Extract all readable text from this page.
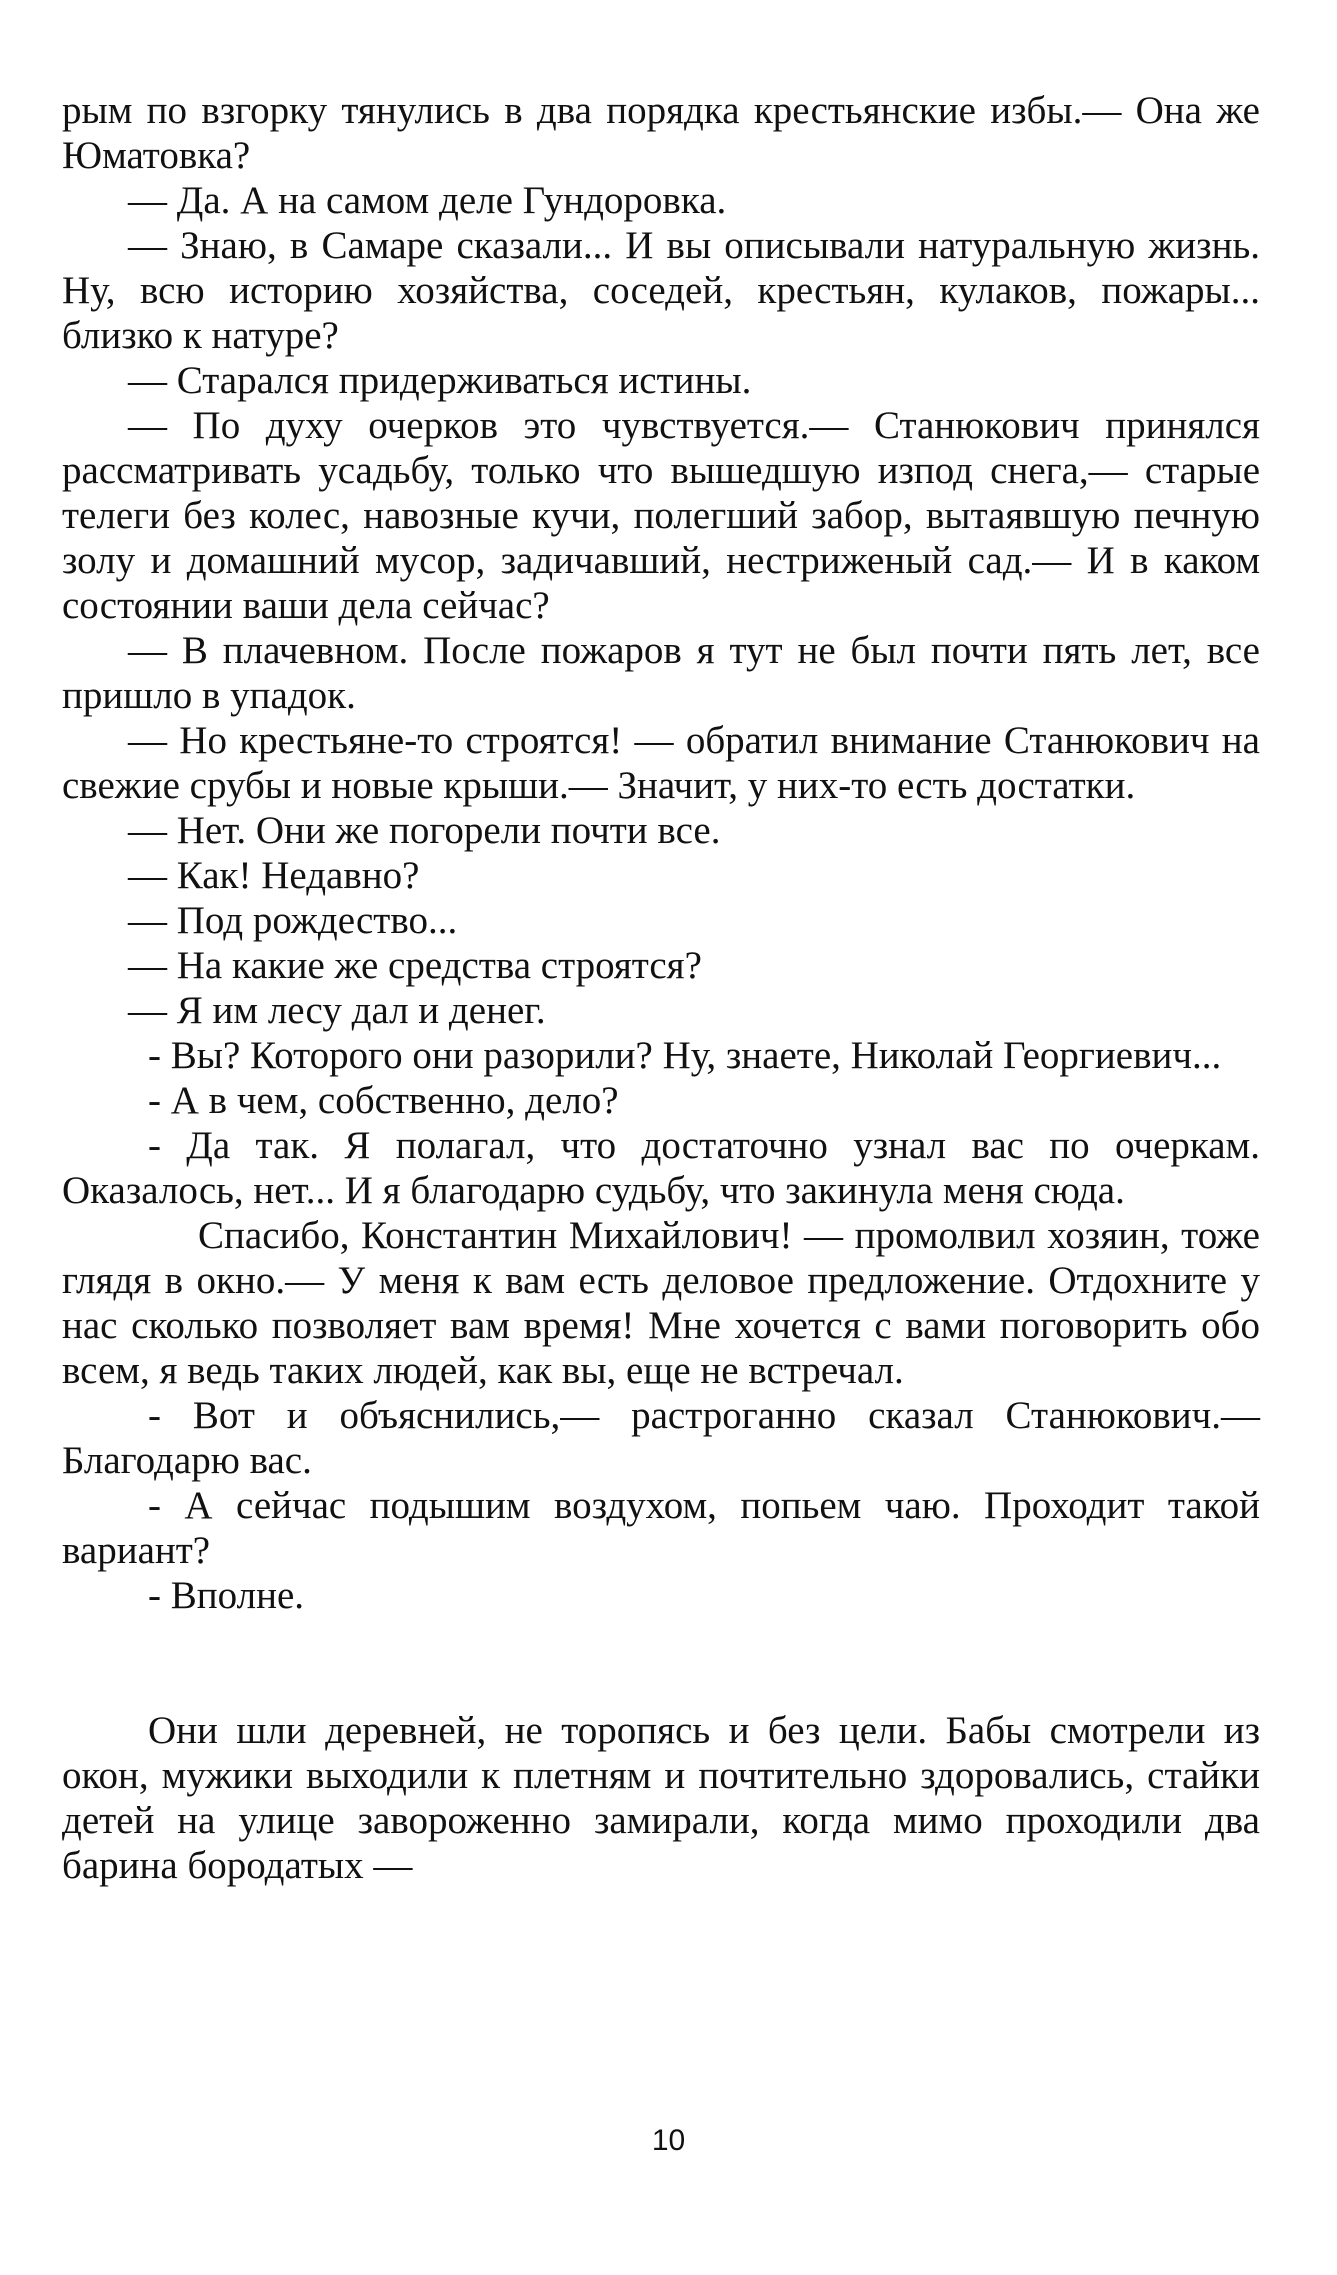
рым по взгорку тянулись в два порядка крестьянские избы.— Она же Юматовка?

— Да. А на самом деле Гундоровка.

— Знаю, в Самаре сказали... И вы описывали натуральную жизнь. Ну, всю историю хозяйства, соседей, крестьян, кулаков, пожары... близко к натуре?

— Старался придерживаться истины.

— По духу очерков это чувствуется.— Станюкович принялся рассматривать усадьбу, только что вышедшую изпод снега,— старые телеги без колес, навозные кучи, полегший забор, вытаявшую печную золу и домашний мусор, задичавший, нестриженый сад.— И в каком состоянии ваши дела сейчас?

— В плачевном. После пожаров я тут не был почти пять лет, все пришло в упадок.

— Но крестьяне-то строятся! — обратил внимание Станюкович на свежие срубы и новые крыши.— Значит, у них-то есть достатки.

— Нет. Они же погорели почти все.

— Как! Недавно?

— Под рождество...

— На какие же средства строятся?

— Я им лесу дал и денег.

- Вы? Которого они разорили? Ну, знаете, Николай Георгиевич...

- А в чем, собственно, дело?

- Да так. Я полагал, что достаточно узнал вас по очеркам. Оказалось, нет... И я благодарю судьбу, что закинула меня сюда.

Спасибо, Константин Михайлович! — промолвил хозяин, тоже глядя в окно.— У меня к вам есть деловое предложение. Отдохните у нас сколько позволяет вам время! Мне хочется с вами поговорить обо всем, я ведь таких людей, как вы, еще не встречал.

- Вот и объяснились,— растроганно сказал Станюкович.— Благодарю вас.

- А сейчас подышим воздухом, попьем чаю. Проходит такой вариант?

- Вполне.

Они шли деревней, не торопясь и без цели. Бабы смотрели из окон, мужики выходили к плетням и почтительно здоровались, стайки детей на улице завороженно замирали, когда мимо проходили два барина бородатых —

10
